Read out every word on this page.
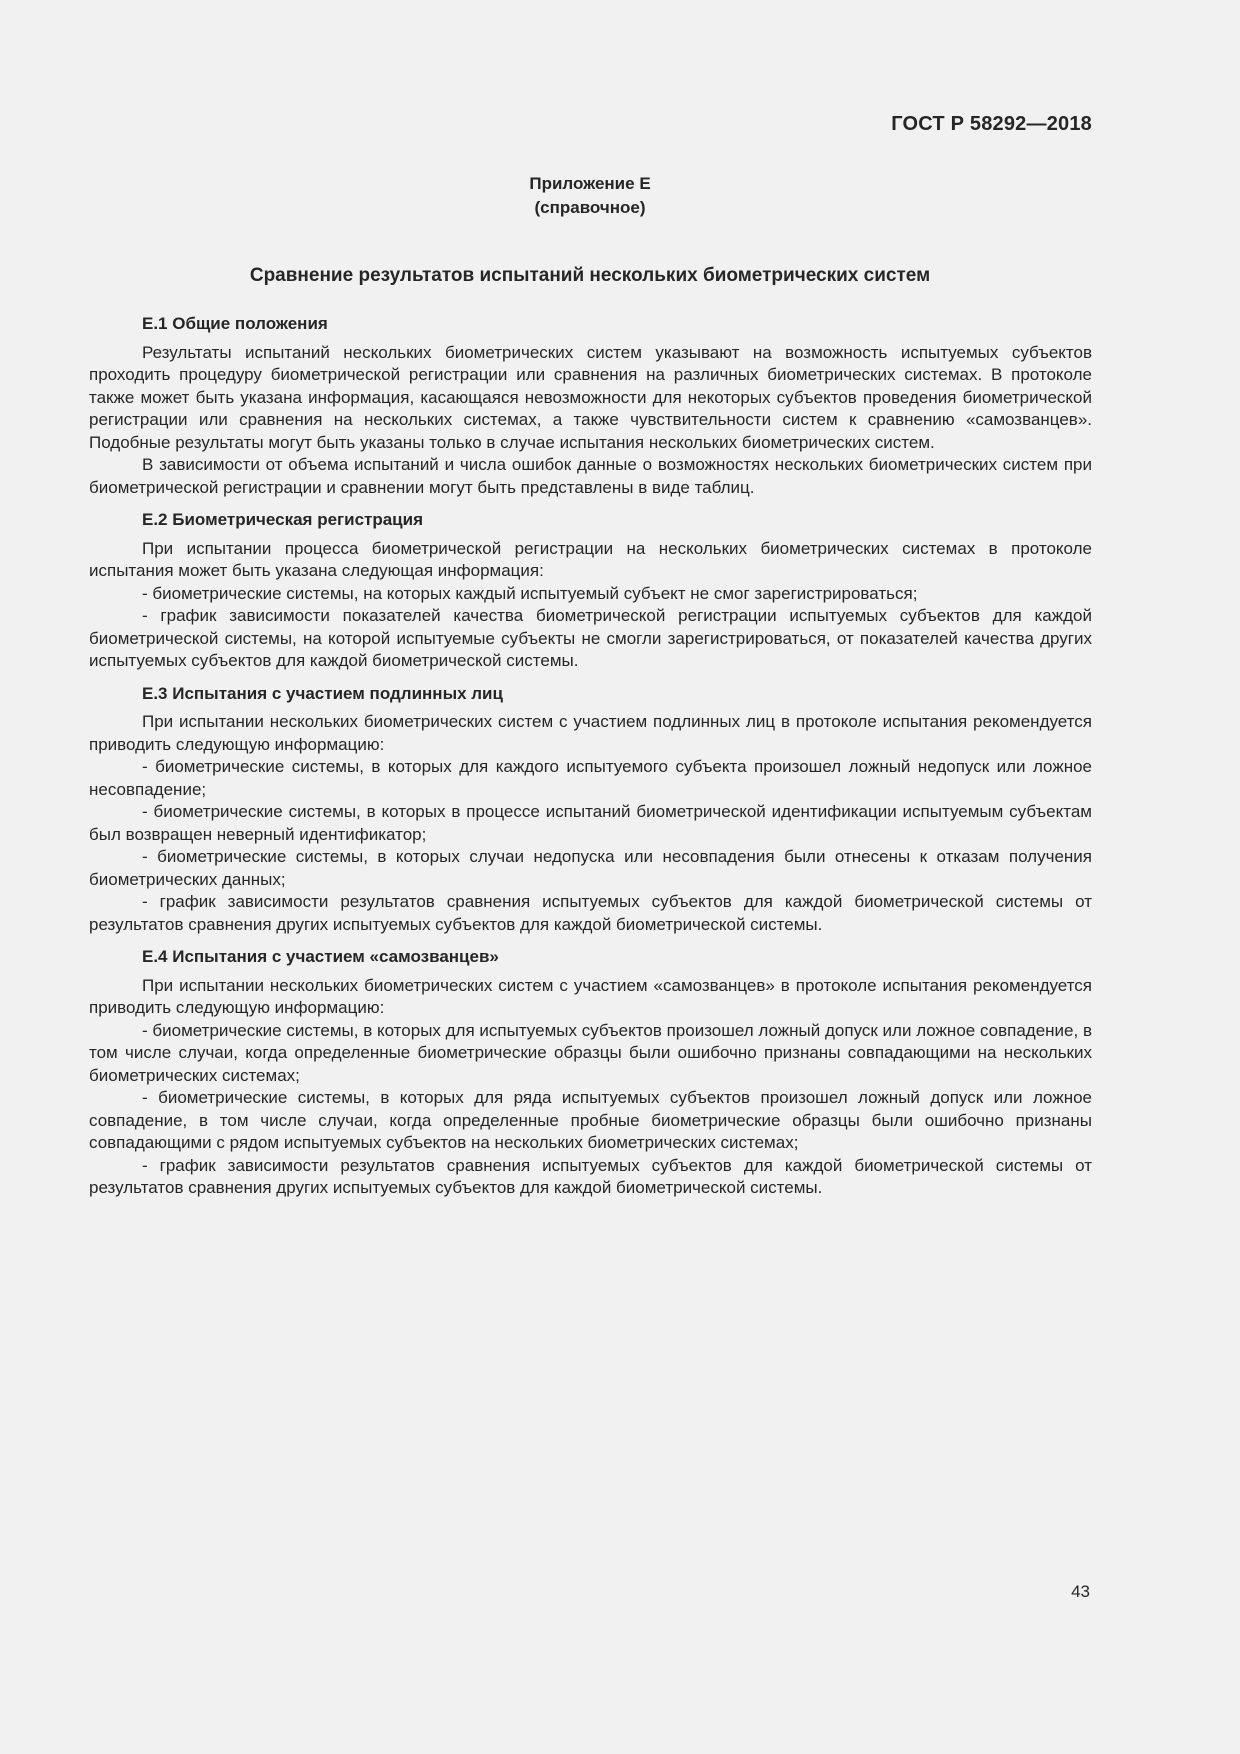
ГОСТ Р 58292—2018
Приложение Е
(справочное)
Сравнение результатов испытаний нескольких биометрических систем

Е.1 Общие положения

Результаты испытаний нескольких биометрических систем указывают на возможность испытуемых субъектов проходить процедуру биометрической регистрации или сравнения на различных биометрических системах. В протоколе также может быть указана информация, касающаяся невозможности для некоторых субъектов проведения биометрической регистрации или сравнения на нескольких системах, а также чувствительности систем к сравнению «самозванцев». Подобные результаты могут быть указаны только в случае испытания нескольких биометрических систем.

В зависимости от объема испытаний и числа ошибок данные о возможностях нескольких биометрических систем при биометрической регистрации и сравнении могут быть представлены в виде таблиц.

Е.2 Биометрическая регистрация

При испытании процесса биометрической регистрации на нескольких биометрических системах в протоколе испытания может быть указана следующая информация:

- биометрические системы, на которых каждый испытуемый субъект не смог зарегистрироваться;

- график зависимости показателей качества биометрической регистрации испытуемых субъектов для каждой биометрической системы, на которой испытуемые субъекты не смогли зарегистрироваться, от показателей качества других испытуемых субъектов для каждой биометрической системы.

Е.3 Испытания с участием подлинных лиц

При испытании нескольких биометрических систем с участием подлинных лиц в протоколе испытания рекомендуется приводить следующую информацию:

- биометрические системы, в которых для каждого испытуемого субъекта произошел ложный недопуск или ложное несовпадение;

- биометрические системы, в которых в процессе испытаний биометрической идентификации испытуемым субъектам был возвращен неверный идентификатор;

- биометрические системы, в которых случаи недопуска или несовпадения были отнесены к отказам получения биометрических данных;

- график зависимости результатов сравнения испытуемых субъектов для каждой биометрической системы от результатов сравнения других испытуемых субъектов для каждой биометрической системы.

Е.4 Испытания с участием «самозванцев»

При испытании нескольких биометрических систем с участием «самозванцев» в протоколе испытания рекомендуется приводить следующую информацию:

- биометрические системы, в которых для испытуемых субъектов произошел ложный допуск или ложное совпадение, в том числе случаи, когда определенные биометрические образцы были ошибочно признаны совпадающими на нескольких биометрических системах;

- биометрические системы, в которых для ряда испытуемых субъектов произошел ложный допуск или ложное совпадение, в том числе случаи, когда определенные пробные биометрические образцы были ошибочно признаны совпадающими с рядом испытуемых субъектов на нескольких биометрических системах;

- график зависимости результатов сравнения испытуемых субъектов для каждой биометрической системы от результатов сравнения других испытуемых субъектов для каждой биометрической системы.

43
